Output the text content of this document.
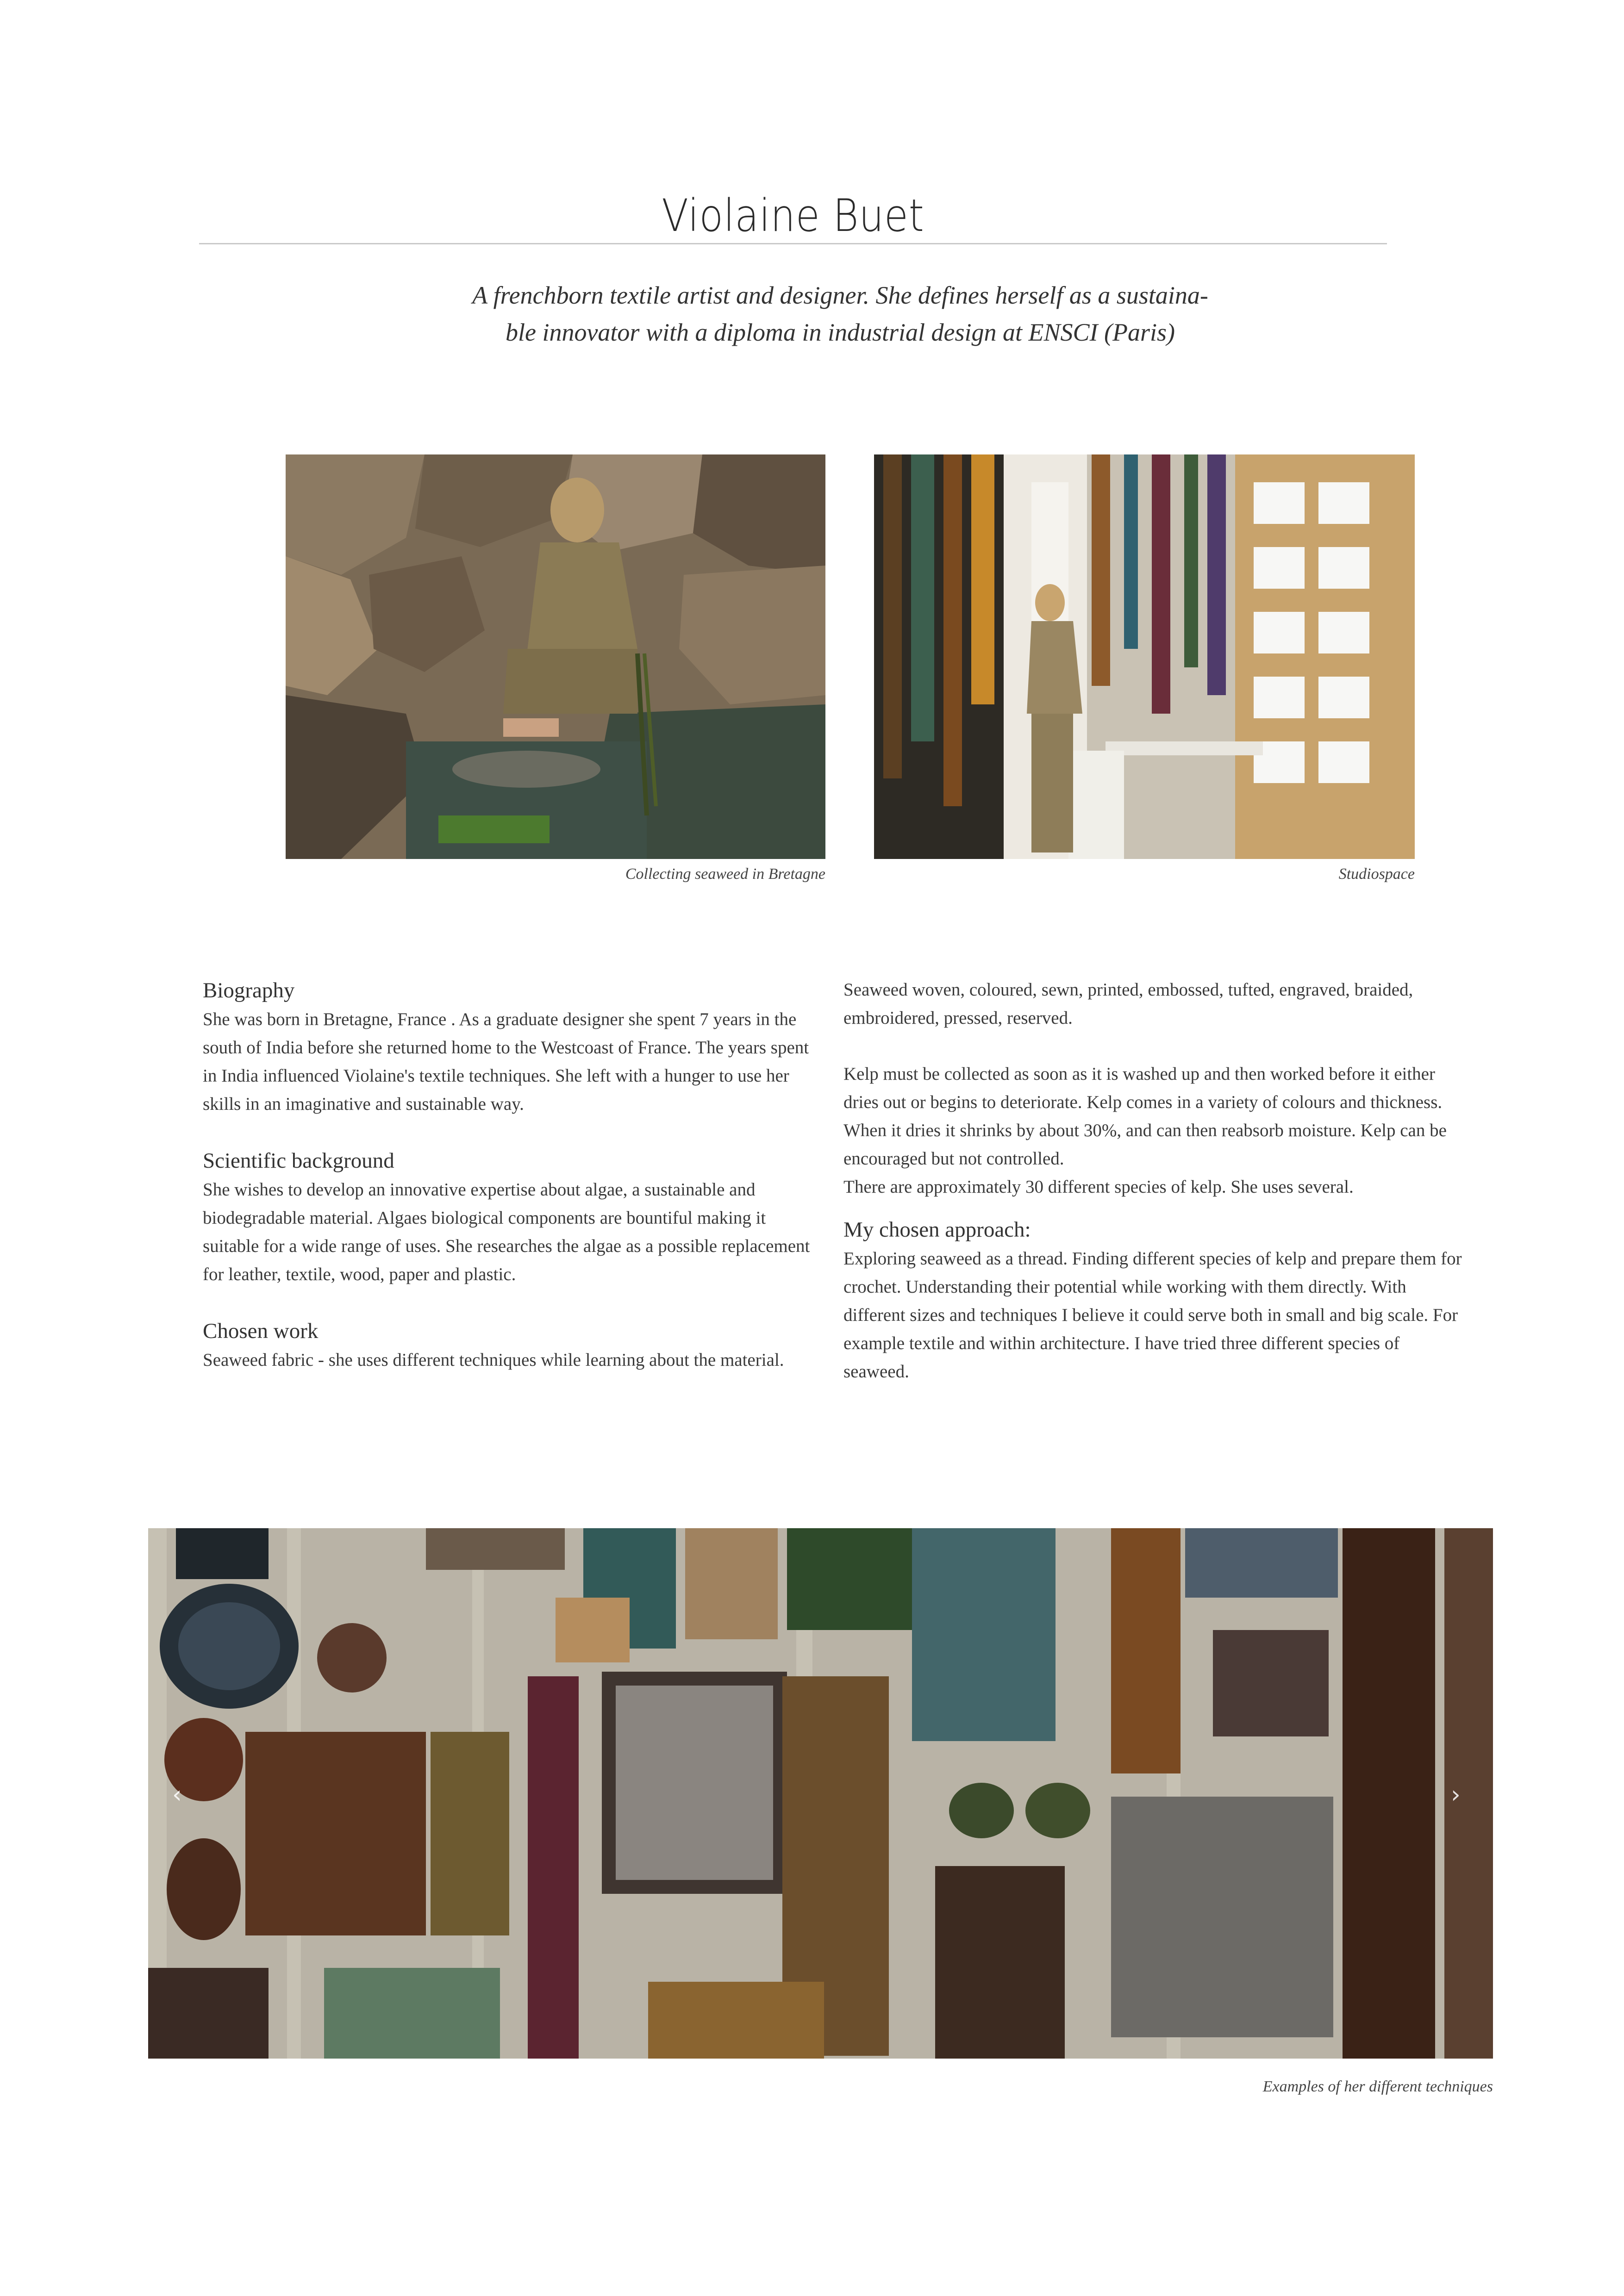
Violaine Buet
A frenchborn textile artist and designer. She defines herself as a sustaina-
ble innovator with a diploma in industrial design at ENSCI (Paris)
Collecting seaweed in Bretagne	Studiospace
Biography

She was born in Bretagne, France . As a graduate designer she spent 7 years in the south of India before she returned home to the Westcoast of France. The years spent in India influenced Violaine's textile techniques. She left with a hunger to use her skills in an imaginative and sustainable way.

Scientific background

She wishes to develop an innovative expertise about algae, a sustainable and biodegradable material. Algaes biological components are bountiful making it suitable for a wide range of uses. She researches the algae as a possible replacement for leather, textile, wood, paper and plastic.

Chosen work

Seaweed fabric - she uses different techniques while learning about the material.

Seaweed woven, coloured, sewn, printed, embossed, tufted, engraved, braided, embroidered, pressed, reserved.

Kelp must be collected as soon as it is washed up and then worked before it either dries out or begins to deteriorate. Kelp comes in a variety of colours and thickness. When it dries it shrinks by about 30%, and can then reabsorb moisture. Kelp can be encouraged but not controlled.

There are approximately 30 different species of kelp. She uses several.

My chosen approach:

Exploring seaweed as a thread. Finding different species of kelp and prepare them for crochet. Understanding their potential while working with them directly. With different sizes and techniques I believe it could serve both in small and big scale. For example textile and within architecture. I have tried three different species of seaweed.

‹	›
Examples of her different techniques
